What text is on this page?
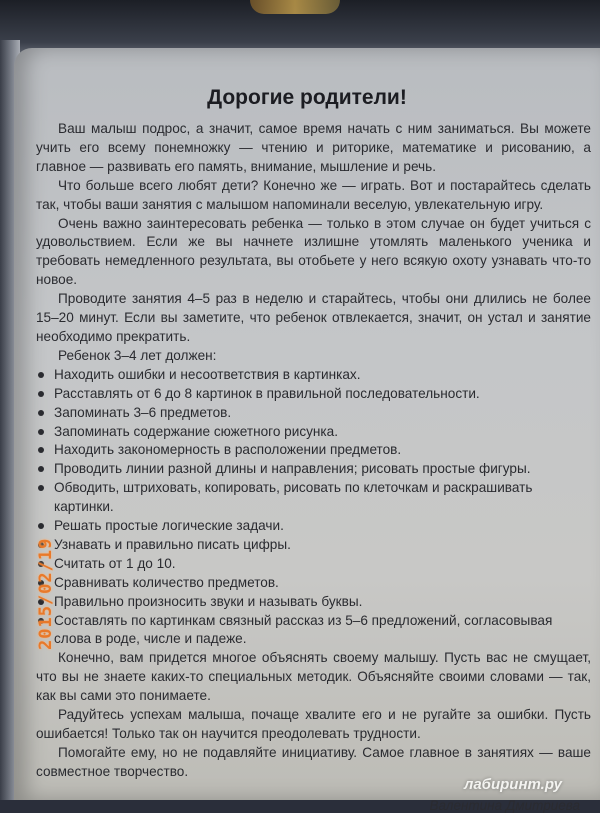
Дорогие родители!

Ваш малыш подрос, а значит, самое время начать с ним заниматься. Вы можете учить его всему понемножку — чтению и риторике, математике и рисованию, а главное — развивать его память, внимание, мышление и речь.

Что больше всего любят дети? Конечно же — играть. Вот и постарайтесь сделать так, чтобы ваши занятия с малышом напоминали веселую, увлекательную игру.

Очень важно заинтересовать ребенка — только в этом случае он будет учиться с удовольствием. Если же вы начнете излишне утомлять маленького ученика и требовать немедленного результата, вы отобьете у него всякую охоту узнавать что-то новое.

Проводите занятия 4–5 раз в неделю и старайтесь, чтобы они длились не более 15–20 минут. Если вы заметите, что ребенок отвлекается, значит, он устал и занятие необходимо прекратить.

Ребенок 3–4 лет должен:

Находить ошибки и несоответствия в картинках.
Расставлять от 6 до 8 картинок в правильной последовательности.
Запоминать 3–6 предметов.
Запоминать содержание сюжетного рисунка.
Находить закономерность в расположении предметов.
Проводить линии разной длины и направления; рисовать простые фигуры.
Обводить, штриховать, копировать, рисовать по клеточкам и раскрашивать картинки.
Решать простые логические задачи.
Узнавать и правильно писать цифры.
Считать от 1 до 10.
Сравнивать количество предметов.
Правильно произносить звуки и называть буквы.
Составлять по картинкам связный рассказ из 5–6 предложений, согласовывая слова в роде, числе и падеже.

Конечно, вам придется многое объяснять своему малышу. Пусть вас не смущает, что вы не знаете каких-то специальных методик. Объясняйте своими словами — так, как вы сами это понимаете.

Радуйтесь успехам малыша, почаще хвалите его и не ругайте за ошибки. Пусть ошибается! Только так он научится преодолевать трудности.

Помогайте ему, но не подавляйте инициативу. Самое главное в занятиях — ваше совместное творчество.

Валентина Дмитриева
2015/02/19
лабиринт.ру
